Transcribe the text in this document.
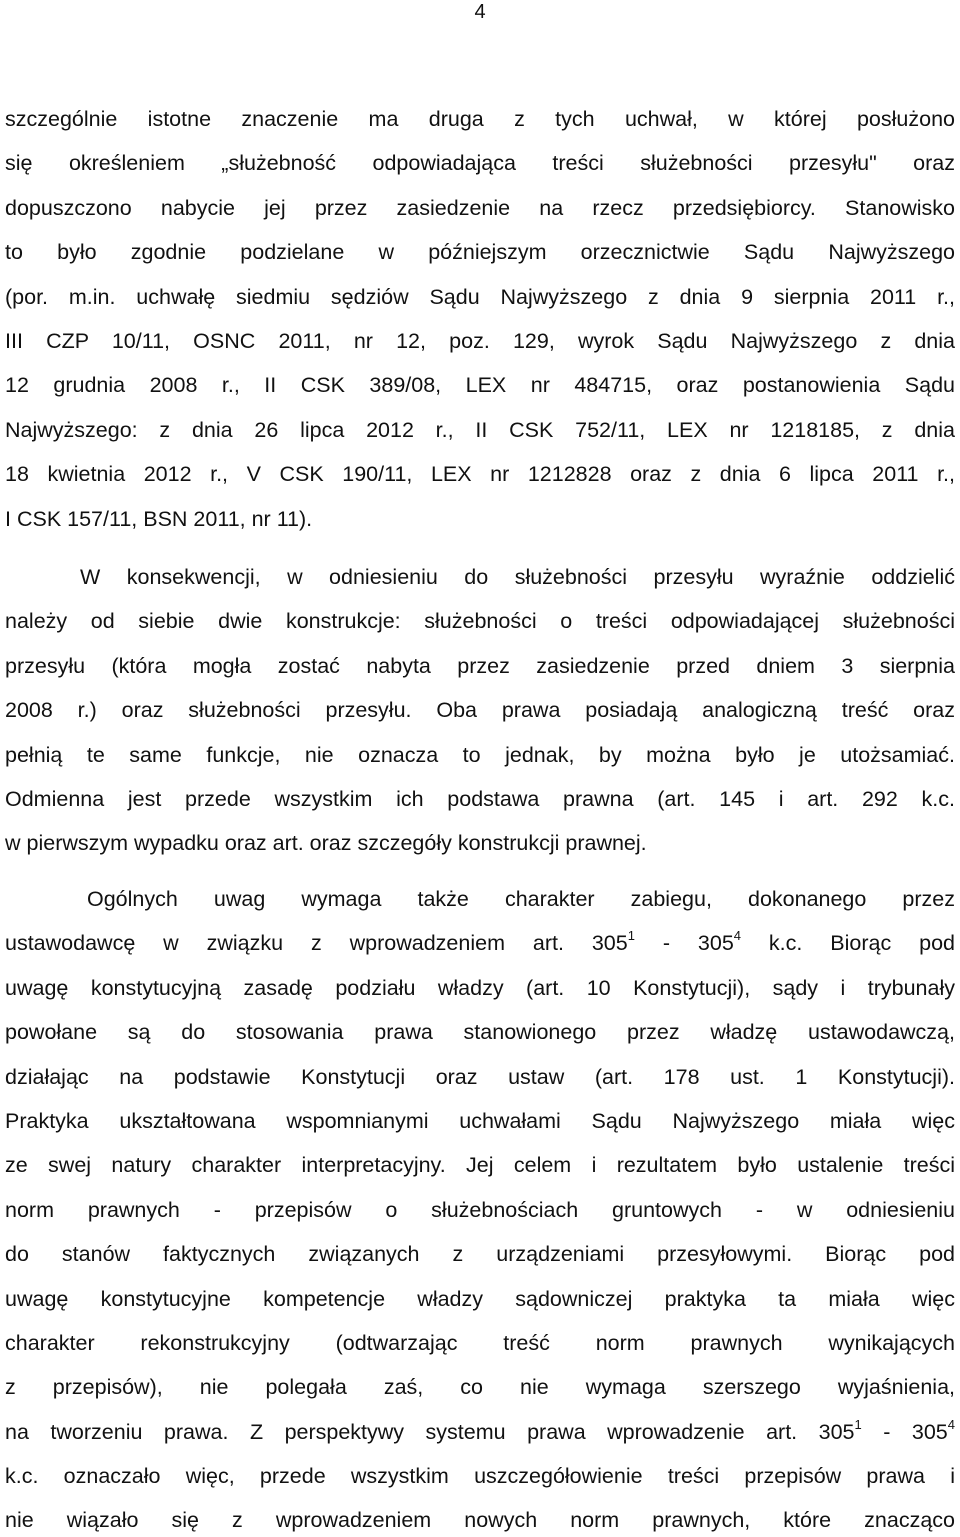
4
szczególnie istotne znaczenie ma druga z tych uchwał, w której posłużono
się określeniem „służebność odpowiadająca treści służebności przesyłu" oraz
dopuszczono nabycie jej przez zasiedzenie na rzecz przedsiębiorcy. Stanowisko
to było zgodnie podzielane w późniejszym orzecznictwie Sądu Najwyższego
(por. m.in. uchwałę siedmiu sędziów Sądu Najwyższego z dnia 9 sierpnia 2011 r.,
III CZP 10/11, OSNC 2011, nr 12, poz. 129, wyrok Sądu Najwyższego z dnia
12 grudnia 2008 r., II CSK 389/08, LEX nr 484715, oraz postanowienia Sądu
Najwyższego: z dnia 26 lipca 2012 r., II CSK 752/11, LEX nr 1218185, z dnia
18 kwietnia 2012 r., V CSK 190/11, LEX nr 1212828 oraz z dnia 6 lipca 2011 r.,
I CSK 157/11, BSN 2011, nr 11).
W konsekwencji, w odniesieniu do służebności przesyłu wyraźnie oddzielić
należy od siebie dwie konstrukcje: służebności o treści odpowiadającej służebności
przesyłu (która mogła zostać nabyta przez zasiedzenie przed dniem 3 sierpnia
2008 r.) oraz służebności przesyłu. Oba prawa posiadają analogiczną treść oraz
pełnią te same funkcje, nie oznacza to jednak, by można było je utożsamiać.
Odmienna jest przede wszystkim ich podstawa prawna (art. 145 i art. 292 k.c.
w pierwszym wypadku oraz art. oraz szczegóły konstrukcji prawnej.
Ogólnych uwag wymaga także charakter zabiegu, dokonanego przez
ustawodawcę w związku z wprowadzeniem art. $305^1 - 305^4$ k.c. Biorąc pod
uwagę konstytucyjną zasadę podziału władzy (art. 10 Konstytucji), sądy i trybunały
powołane są do stosowania prawa stanowionego przez władzę ustawodawczą,
działając na podstawie Konstytucji oraz ustaw (art. 178 ust. 1 Konstytucji).
Praktyka ukształtowana wspomnianymi uchwałami Sądu Najwyższego miała więc
ze swej natury charakter interpretacyjny. Jej celem i rezultatem było ustalenie treści
norm prawnych - przepisów o służebnościach gruntowych - w odniesieniu
do stanów faktycznych związanych z urządzeniami przesyłowymi. Biorąc pod
uwagę konstytucyjne kompetencje władzy sądowniczej praktyka ta miała więc
charakter rekonstrukcyjny (odtwarzając treść norm prawnych wynikających
z przepisów), nie polegała zaś, co nie wymaga szerszego wyjaśnienia,
na tworzeniu prawa. Z perspektywy systemu prawa wprowadzenie art. $305^1 - 305^4$
k.c. oznaczało więc, przede wszystkim uszczegółowienie treści przepisów prawa i
nie wiązało się z wprowadzeniem nowych norm prawnych, które znacząco
